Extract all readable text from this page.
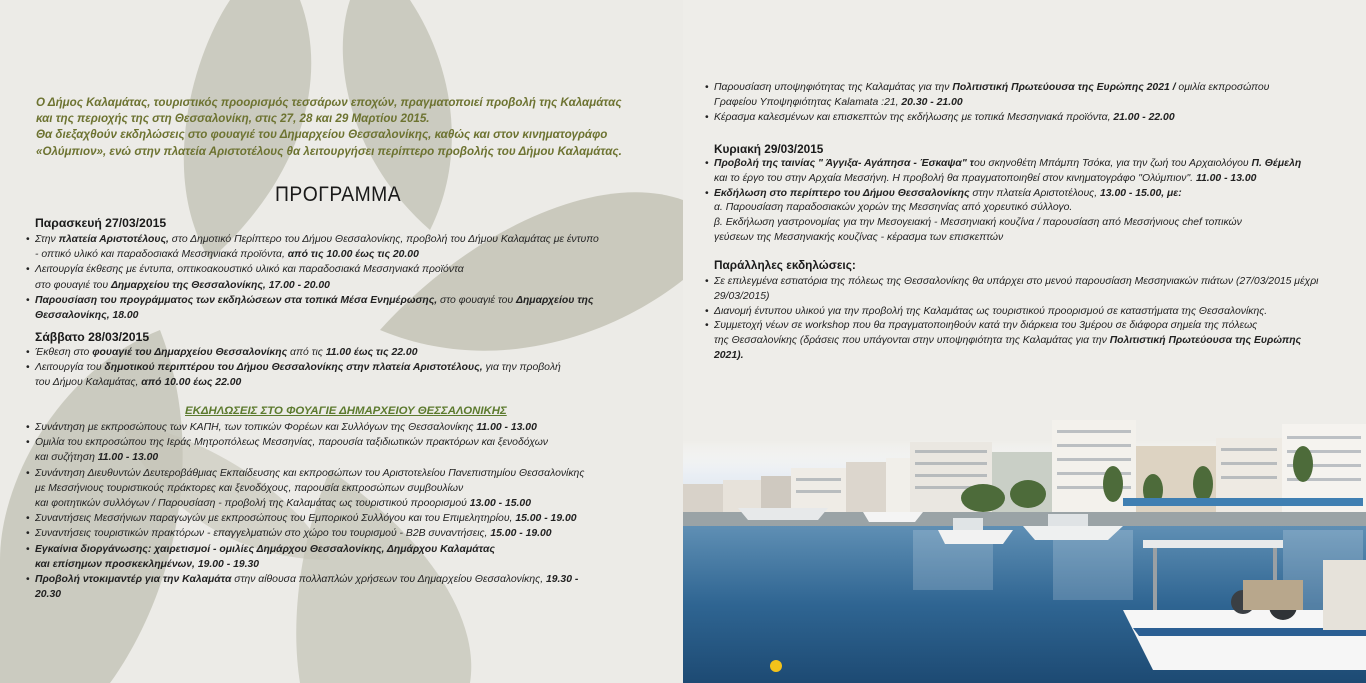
Ο Δήμος Καλαμάτας, τουριστικός προορισμός τεσσάρων εποχών, πραγματοποιεί προβολή της Καλαμάτας

και της περιοχής της στη Θεσσαλονίκη, στις 27, 28 και 29 Μαρτίου 2015.

Θα διεξαχθούν εκδηλώσεις στο φουαγιέ του Δημαρχείου Θεσσαλονίκης, καθώς και στον κινηματογράφο

«Ολύμπιον», ενώ στην πλατεία Αριστοτέλους θα λειτουργήσει περίπτερο προβολής του Δήμου Καλαμάτας.

ΠΡΟΓΡΑΜΜΑ
Παρασκευή 27/03/2015
• Στην πλατεία Αριστοτέλους, στο Δημοτικό Περίπτερο του Δήμου Θεσσαλονίκης, προβολή του Δήμου Καλαμάτας με έντυπο
- οπτικό υλικό και παραδοσιακά Μεσσηνιακά προϊόντα, από τις 10.00 έως τις 20.00
• Λειτουργία έκθεσης με έντυπα, οπτικοακουστικό υλικό και παραδοσιακά Μεσσηνιακά προϊόντα
στο φουαγιέ του Δημαρχείου της Θεσσαλονίκης, 17.00 - 20.00
• Παρουσίαση του προγράμματος των εκδηλώσεων στα τοπικά Μέσα Ενημέρωσης, στο φουαγιέ του Δημαρχείου της
Θεσσαλονίκης, 18.00
Σάββατο 28/03/2015
• Έκθεση στο φουαγιέ του Δημαρχείου Θεσσαλονίκης από τις 11.00 έως τις 22.00
• Λειτουργία του δημοτικού περιπτέρου του Δήμου Θεσσαλονίκης στην πλατεία Αριστοτέλους, για την προβολή
του Δήμου Καλαμάτας, από 10.00 έως 22.00
ΕΚΔΗΛΩΣΕΙΣ ΣΤΟ ΦΟΥΑΓΙΕ ΔΗΜΑΡΧΕΙΟΥ ΘΕΣΣΑΛΟΝΙΚΗΣ
• Συνάντηση με εκπροσώπους των ΚΑΠΗ, των τοπικών Φορέων και Συλλόγων της Θεσσαλονίκης 11.00 - 13.00
• Ομιλία του εκπροσώπου της Ιεράς Μητροπόλεως Μεσσηνίας, παρουσία ταξιδιωτικών πρακτόρων και ξενοδόχων
και συζήτηση 11.00 - 13.00
• Συνάντηση Διευθυντών Δευτεροβάθμιας Εκπαίδευσης και εκπροσώπων του Αριστοτελείου Πανεπιστημίου Θεσσαλονίκης
με Μεσσήνιους τουριστικούς πράκτορες και ξενοδόχους, παρουσία εκπροσώπων συμβουλίων
και φοιτητικών συλλόγων / Παρουσίαση - προβολή της Καλαμάτας ως τουριστικού προορισμού 13.00 - 15.00
• Συναντήσεις Μεσσήνιων παραγωγών με εκπροσώπους του Εμπορικού Συλλόγου και του Επιμελητηρίου, 15.00 - 19.00
• Συναντήσεις τουριστικών πρακτόρων - επαγγελματιών στο χώρο του τουρισμού - B2B συναντήσεις, 15.00 - 19.00
• Εγκαίνια διοργάνωσης: χαιρετισμοί - ομιλίες Δημάρχου Θεσσαλονίκης, Δημάρχου Καλαμάτας
και επίσημων προσκεκλημένων, 19.00 - 19.30
• Προβολή ντοκιμαντέρ για την Καλαμάτα στην αίθουσα πολλαπλών χρήσεων του Δημαρχείου Θεσσαλονίκης, 19.30 -
20.30
• Παρουσίαση υποψηφιότητας της Καλαμάτας για την Πολιτιστική Πρωτεύουσα της Ευρώπης 2021 / ομιλία εκπροσώπου
Γραφείου Υποψηφιότητας Kalamata :21, 20.30 - 21.00
• Κέρασμα καλεσμένων και επισκεπτών της εκδήλωσης με τοπικά Μεσσηνιακά προϊόντα, 21.00 - 22.00
Κυριακή 29/03/2015
• Προβολή της ταινίας " Άγγιξα- Αγάπησα - Έσκαψα" του σκηνοθέτη Μπάμπη Τσόκα, για την ζωή του Αρχαιολόγου Π. Θέμελη
και το έργο του στην Αρχαία Μεσσήνη. Η προβολή θα πραγματοποιηθεί στον κινηματογράφο "Ολύμπιον". 11.00 - 13.00
• Εκδήλωση στο περίπτερο του Δήμου Θεσσαλονίκης στην πλατεία Αριστοτέλους, 13.00 - 15.00, με:
α. Παρουσίαση παραδοσιακών χορών της Μεσσηνίας από χορευτικό σύλλογο.
β. Εκδήλωση γαστρονομίας για την Μεσογειακή - Μεσσηνιακή κουζίνα / παρουσίαση από Μεσσήνιους chef τοπικών
γεύσεων της Μεσσηνιακής κουζίνας - κέρασμα των επισκεπτών
Παράλληλες εκδηλώσεις:
• Σε επιλεγμένα εστιατόρια της πόλεως της Θεσσαλονίκης θα υπάρχει στο μενού παρουσίαση Μεσσηνιακών πιάτων (27/03/2015 μέχρι
29/03/2015)
• Διανομή έντυπου υλικού για την προβολή της Καλαμάτας ως τουριστικού προορισμού σε καταστήματα της Θεσσαλονίκης.
• Συμμετοχή νέων σε workshop που θα πραγματοποιηθούν κατά την διάρκεια του 3μέρου σε διάφορα σημεία της πόλεως
της Θεσσαλονίκης (δράσεις που υπάγονται στην υποψηφιότητα της Καλαμάτας για την Πολιτιστική Πρωτεύουσα της Ευρώπης
2021).
